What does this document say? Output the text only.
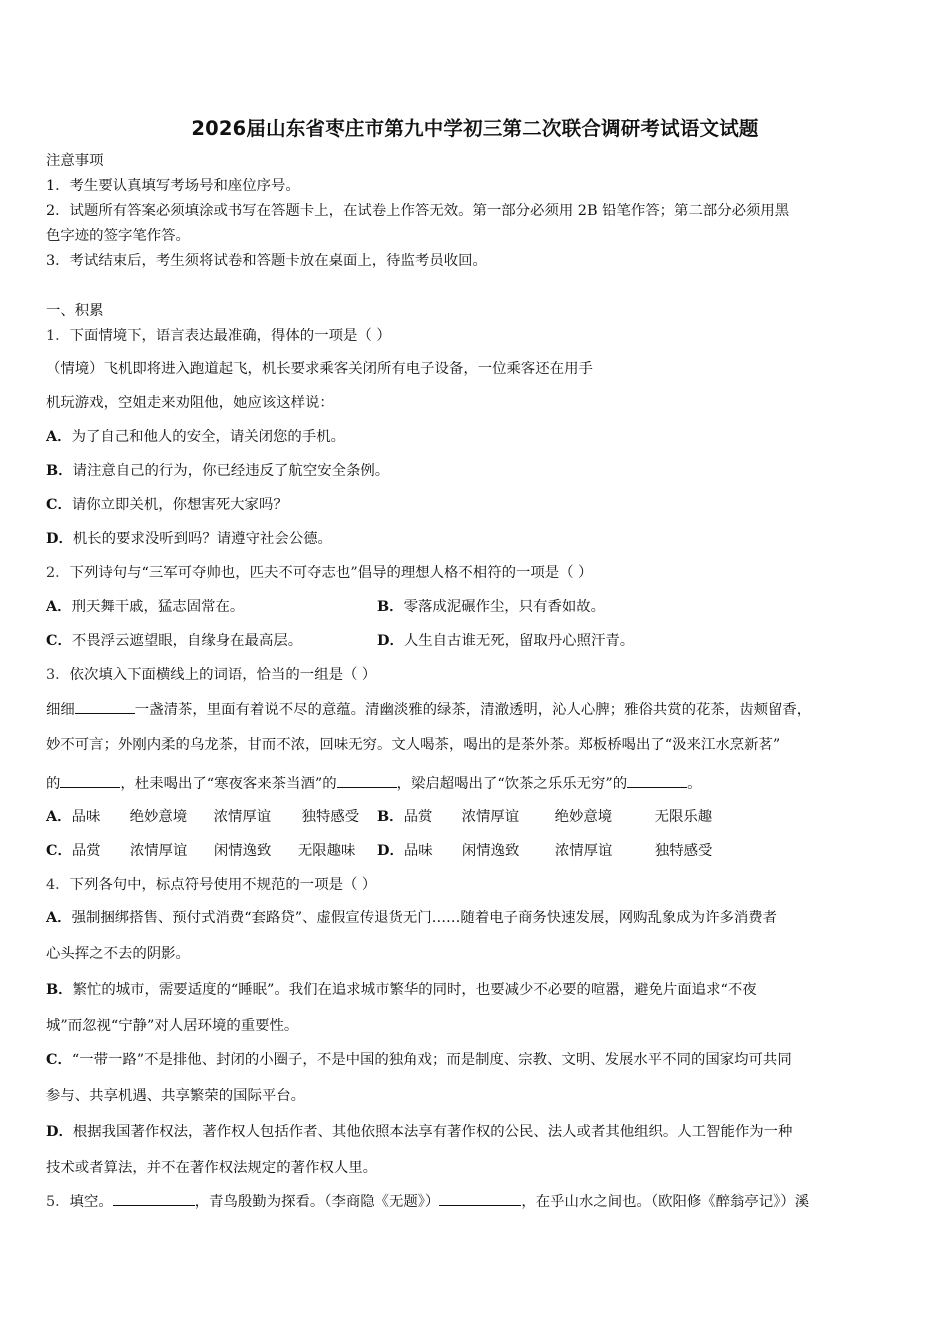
2026届山东省枣庄市第九中学初三第二次联合调研考试语文试题
注意事项
1．考生要认真填写考场号和座位序号。
2．试题所有答案必须填涂或书写在答题卡上，在试卷上作答无效。第一部分必须用 2B 铅笔作答；第二部分必须用黑
色字迹的签字笔作答。
3．考试结束后，考生须将试卷和答题卡放在桌面上，待监考员收回。
一、积累
1．下面情境下，语言表达最准确，得体的一项是（ ）
（情境）飞机即将进入跑道起飞，机长要求乘客关闭所有电子设备，一位乘客还在用手
机玩游戏，空姐走来劝阻他，她应该这样说：
A．为了自己和他人的安全，请关闭您的手机。
B．请注意自己的行为，你已经违反了航空安全条例。
C．请你立即关机，你想害死大家吗？
D．机长的要求没听到吗？请遵守社会公德。
2．下列诗句与“三军可夺帅也，匹夫不可夺志也”倡导的理想人格不相符的一项是（ ）
A．刑天舞干戚，猛志固常在。	B．零落成泥碾作尘，只有香如故。
C．不畏浮云遮望眼，自缘身在最高层。	D．人生自古谁无死，留取丹心照汗青。
3．依次填入下面横线上的词语，恰当的一组是（ ）
细细	一盏清茶，里面有着说不尽的意蕴。清幽淡雅的绿茶，清澈透明，沁人心脾；雅俗共赏的花茶，齿颊留香，
妙不可言；外刚内柔的乌龙茶，甘而不浓，回味无穷。文人喝茶，喝出的是茶外茶。郑板桥喝出了“汲来江水烹新茗”
的	，杜耒喝出了“寒夜客来茶当酒”的	，梁启超喝出了“饮茶之乐乐无穷”的	。
A．品味 绝妙意境 浓情厚谊 独特感受 B．品赏 浓情厚谊 绝妙意境	无限乐趣
C．品赏 浓情厚谊 闲情逸致 无限趣味 D．品味 闲情逸致 浓情厚谊	独特感受
4．下列各句中，标点符号使用不规范的一项是（ ）
A．强制捆绑搭售、预付式消费“套路贷”、虚假宣传退货无门……随着电子商务快速发展，网购乱象成为许多消费者
心头挥之不去的阴影。
B．繁忙的城市，需要适度的“睡眠”。我们在追求城市繁华的同时，也要减少不必要的喧嚣，避免片面追求“不夜
城”而忽视“宁静”对人居环境的重要性。
C．“一带一路”不是排他、封闭的小圈子，不是中国的独角戏；而是制度、宗教、文明、发展水平不同的国家均可共同
参与、共享机遇、共享繁荣的国际平台。
D．根据我国著作权法，著作权人包括作者、其他依照本法享有著作权的公民、法人或者其他组织。人工智能作为一种
技术或者算法，并不在著作权法规定的著作权人里。
5．填空。	，青鸟殷勤为探看。（李商隐《无题》）	，在乎山水之间也。（欧阳修《醉翁亭记》）溪
